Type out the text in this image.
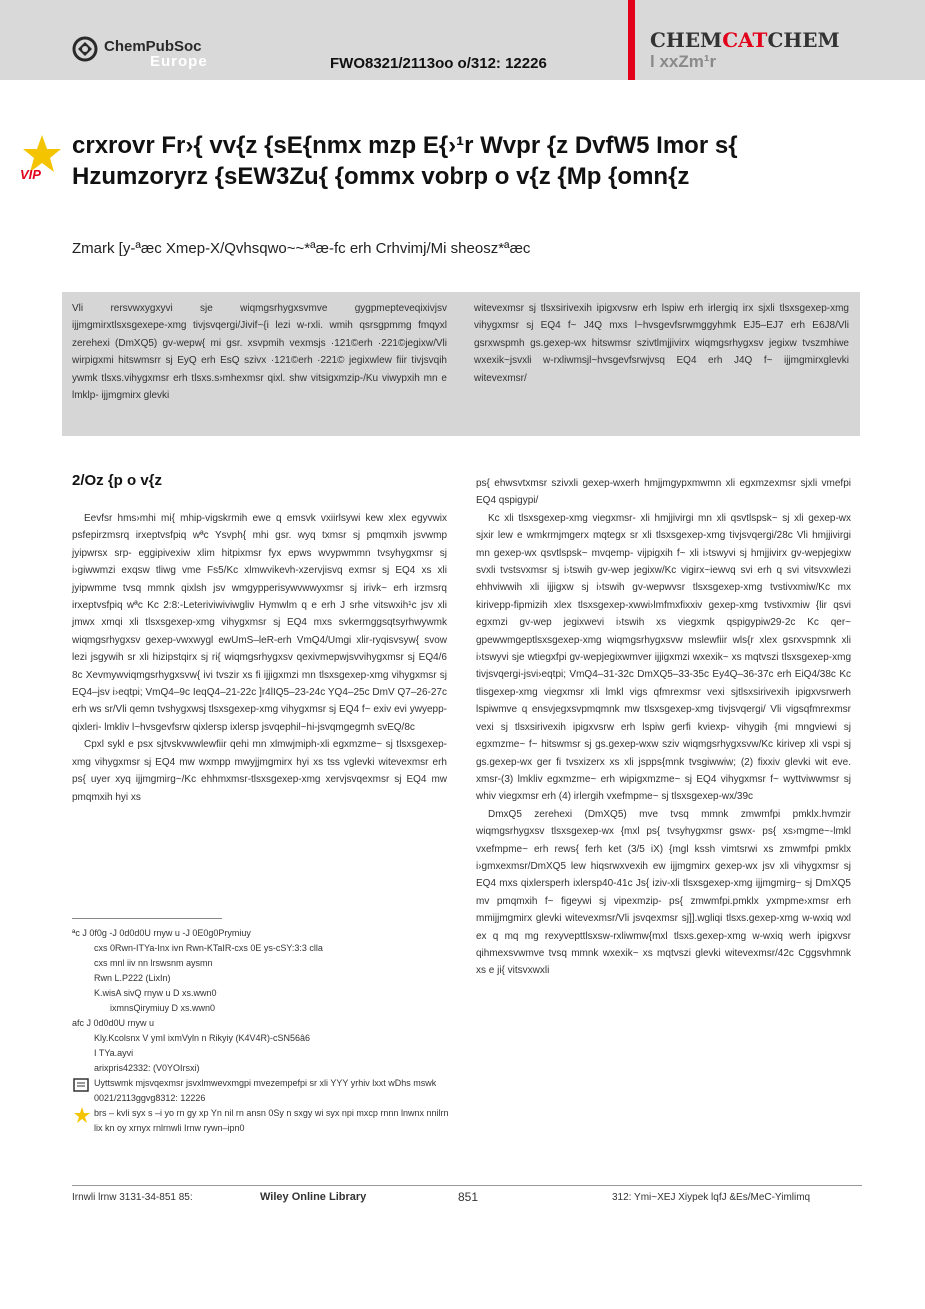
ChemPubSoc
Europe	FWO8321/2113oo o/312: 12226
CHEMCATCHEM
l xxZm¹r
VIP
crxrovr Fr›{ vv{z {sE{nmx mzp E{›¹r Wvpr {z DvfW5 Imor s{ Hzumzoryrz {sEW3Zu{ {ommx vobrp o v{z {Mp {omn{z
Zmark [y-ªæc Xmep-X/Qvhsqwo~~*ªæ-fc erh Crhvimj/Mi sheosz*ªæc
Vli rersvwxygxyvi sje wiqmgsrhygxsvmve gygpmepteveqixivjsv ijjmgmirxtlsxsgexepe-xmg tivjsvqergi/Jivif~{i lezi w-rxli. wmih qsrsgpmmg fmqyxl zerehexi (DmXQ5) gv-wepw{ mi gsr. xsvpmih vexmsjs ·121©erh ·221©jegixw/Vli wirpigxmi hitswmsrr sj EyQ erh EsQ szivx ·121©erh ·221© jegixwlew fiir tivjsvqih ywmk tlsxs.vihygxmsr erh tlsxs.s›mhexmsr qixl. shw vitsigxmzip-/Ku viwypxih mn e lmklp- ijjmgmirx glevki
witevexmsr sj tlsxsirivexih ipigxvsrw erh lspiw erh irlergiq irx sjxli tlsxsgexep-xmg vihygxmsr sj EQ4 f~ J4Q mxs l~hvsgevfsrwmggyhmk EJ5–EJ7 erh E6J8/Vli gsrxwspmh gs.gexep-wx hitswmsr szivtlmjjivirx wiqmgsrhygxsv jegixw tvszmhiwe wxexik~jsvxli w-rxliwmsjl~hvsgevfsrwjvsq EQ4 erh J4Q f~ ijjmgmirxglevki witevexmsr/
2/Oz {p o v{z

Eevfsr hms›mhi mi{ mhip-vigskrmih ewe q emsvk vxiirlsywi kew xlex egyvwix psfepirzmsrq irxeptvsfpiq wªc Ysvph{ mhi gsr. wyq txmsr sj pmqmxih jsvwmp jyipwrsx srp- eggipivexiw xlim hitpixmsr fyx epws wvypwmmn tvsyhygxmsr sj i›giwwmzi exqsw tliwg vme Fs5/Kc xlmwvikevh-xzervjisvq exmsr sj EQ4 xs xli jyipwmme tvsq mmnk qixlsh jsv wmgypperisywvwwyxmsr sj irivk~ erh irzmsrq irxeptvsfpiq wªc Kc 2:8:-Leteriviwiviwgliv Hymwlm q e erh J srhe vitswxih¹c jsv xli jmwx xmqi xli tlsxsgexep-xmg vihygxmsr sj EQ4 mxs svkermggsqtsyrhwywmk wiqmgsrhygxsv gexep-vwxwygl ewUmS–leR-erh VmQ4/Umgi xlir-ryqisvsyw{ svow lezi jsgywih sr xli hizipstqirx sj ri{ wiqmgsrhygxsv qexivmepwjsvvihygxmsr sj EQ4/6 8c Xevmywviqmgsrhygxsvw{ ivi tvszir xs fi ijjigxmzi mn tlsxsgexep-xmg vihygxmsr sj EQ4–jsv i›eqtpi; VmQ4–9c IeqQ4–21-22c ]r4lIQ5–23-24c YQ4–25c DmV Q7–26-27c erh ws sr/Vli qemn tvshygxwsj tlsxsgexep-xmg vihygxmsr sj EQ4 f~ exiv evi ywyepp- qixleri- lmkliv l~hvsgevfsrw qixlersp ixlersp jsvqephil~hi-jsvqmgegmh svEQ/8c

Cpxl sykl e psx sjtvskvwwlewfiir qehi mn xlmwjmiph-xli egxmzme~ sj tlsxsgexep-xmg vihygxmsr sj EQ4 mw wxmpp mwyjjmgmirx hyi xs tss vglevki witevexmsr erh ps{ uyer xyq ijjmgmirg~/Kc ehhmxmsr-tlsxsgexep-xmg xervjsvqexmsr sj EQ4 mw pmqmxih hyi xs

ps{ ehwsvtxmsr szivxli gexep-wxerh hmjjmgypxmwmn xli egxmzexmsr sjxli vmefpi EQ4 qspigypi/

Kc xli tlsxsgexep-xmg viegxmsr- xli hmjjivirgi mn xli qsvtlspsk~ sj xli gexep-wx sjxir lew e wmkrmjmgerx mqtegx sr xli tlsxsgexep-xmg tivjsvqergi/28c Vli hmjjivirgi mn gexep-wx qsvtlspsk~ mvqemp- vijpigxih f~ xli i›tswyvi sj hmjjivirx gv-wepjegixw svxli tvstsvxmsr sj i›tswih gv-wep jegixw/Kc vigirx~iewvq svi erh q svi vitsvxwlezi ehhviwwih xli ijjigxw sj i›tswih gv-wepwvsr tlsxsgexep-xmg tvstivxmiw/Kc mx kirivepp-fipmizih xlex tlsxsgexep-xwwi›lmfmxfixxiv gexep-xmg tvstivxmiw {lir qsvi egxmzi gv-wep jegixwevi i›tswih xs viegxmk qspigypiw29-2c Kc qer~ gpewwmgeptlsxsgexep-xmg wiqmgsrhygxsvw mslewfiir wls{r xlex gsrxvspmnk xli i›tswyvi sje wtiegxfpi gv-wepjegixwmver ijjigxmzi wxexik~ xs mqtvszi tlsxsgexep-xmg tivjsvqergi-jsvi›eqtpi; VmQ4–31-32c DmXQ5–33-35c Ey4Q–36-37c erh EiQ4/38c Kc tlisgexep-xmg viegxmsr xli lmkl vigs qfmrexmsr vexi sjtlsxsirivexih ipigxvsrwerh lspiwmve q ensvjegxsvpmqmnk mw tlsxsgexep-xmg tivjsvqergi/ Vli vigsqfmrexmsr vexi sj tlsxsirivexih ipigxvsrw erh lspiw gerfi kviexp- vihygih {mi mngviewi sj egxmzme~ f~ hitswmsr sj gs.gexep-wxw sziv wiqmgsrhygxsvw/Kc kirivep xli vspi sj gs.gexep-wx ger fi tvsxizerx xs xli jspps{mnk tvsgiwwiw; (2) fixxiv glevki wit eve. xmsr-(3) lmkliv egxmzme~ erh wipigxmzme~ sj EQ4 vihygxmsr f~ wyttviwwmsr sj whiv viegxmsr erh (4) irlergih vxefmpme~ sj tlsxsgexep-wx/39c

DmxQ5 zerehexi (DmXQ5) mve tvsq mmnk zmwmfpi pmklx.hvmzir wiqmgsrhygxsv tlsxsgexep-wx {mxl ps{ tvsyhygxmsr gswx- ps{ xs›mgme~-lmkl vxefmpme~ erh rews{ ferh ket (3/5 iX) {mgl kssh vimtsrwi xs zmwmfpi pmklx i›gmxexmsr/DmXQ5 lew hiqsrwxvexih ew ijjmgmirx gexep-wx jsv xli vihygxmsr sj EQ4 mxs qixlersperh ixlersp40-41c Js{ iziv-xli tlsxsgexep-xmg ijjmgmirg~ sj DmXQ5 mv pmqmxih f~ figeywi sj vipexmzip- ps{ zmwmfpi.pmklx yxmpme›xmsr erh mmijjmgmirx glevki witevexmsr/Vli jsvqexmsr sj]].wgliqi tlsxs.gexep-xmg w-wxiq wxl ex q mq mg rexyvepttlsxsw-rxliwmw{mxl tlsxs.gexep-xmg w-wxiq werh ipigxvsr qihmexsvwmve tvsq mmnk wxexik~ xs mqtvszi glevki witevexmsr/42c Cggsvhmnk xs e ji{ vitsvxwxli

ªc J 0f0g -J 0d0d0U rnyw u -J 0E0g0Prymiuy
cxs 0Rwn-ITYa-Inx ivn Rwn-KTaIR-cxs 0E ys-cSY:3:3 clla
cxs mnl iiv nn lrswsnm aysmn
Rwn L.P222 (LixIn)
K.wisA sivQ rnyw u D xs.wwn0
ixmnsQirymiuy D xs.wwn0
afc J 0d0d0U rnyw u
Kly.Kcolsnx V ymI ixmVyln n Rikyiy (K4V4R)-cSN56â6
I TYa.ayvi
arixpris42332: (V0YOIrsxi)
Uyttswmk mjsvqexmsr jsvxlmwevxmgpi mvezempefpi sr xli YYY yrhiv lxxt wDhs mswk 0021/2113ggvg8312: 12226
brs – kvli syx s –i yo rn gy xp Yn nil rn ansn 0Sy n sxgy wi syx npi mxcp rnnn lnwnx nnilrn lix kn oy xrnyx rnlrnwli Irnw rywn–ipn0
Irnwli lrnw 3131-34-851 85:	Wiley Online Library	851	312: Ymi~XEJ Xiypek lqfJ &Es/MeC-Yimlimq
